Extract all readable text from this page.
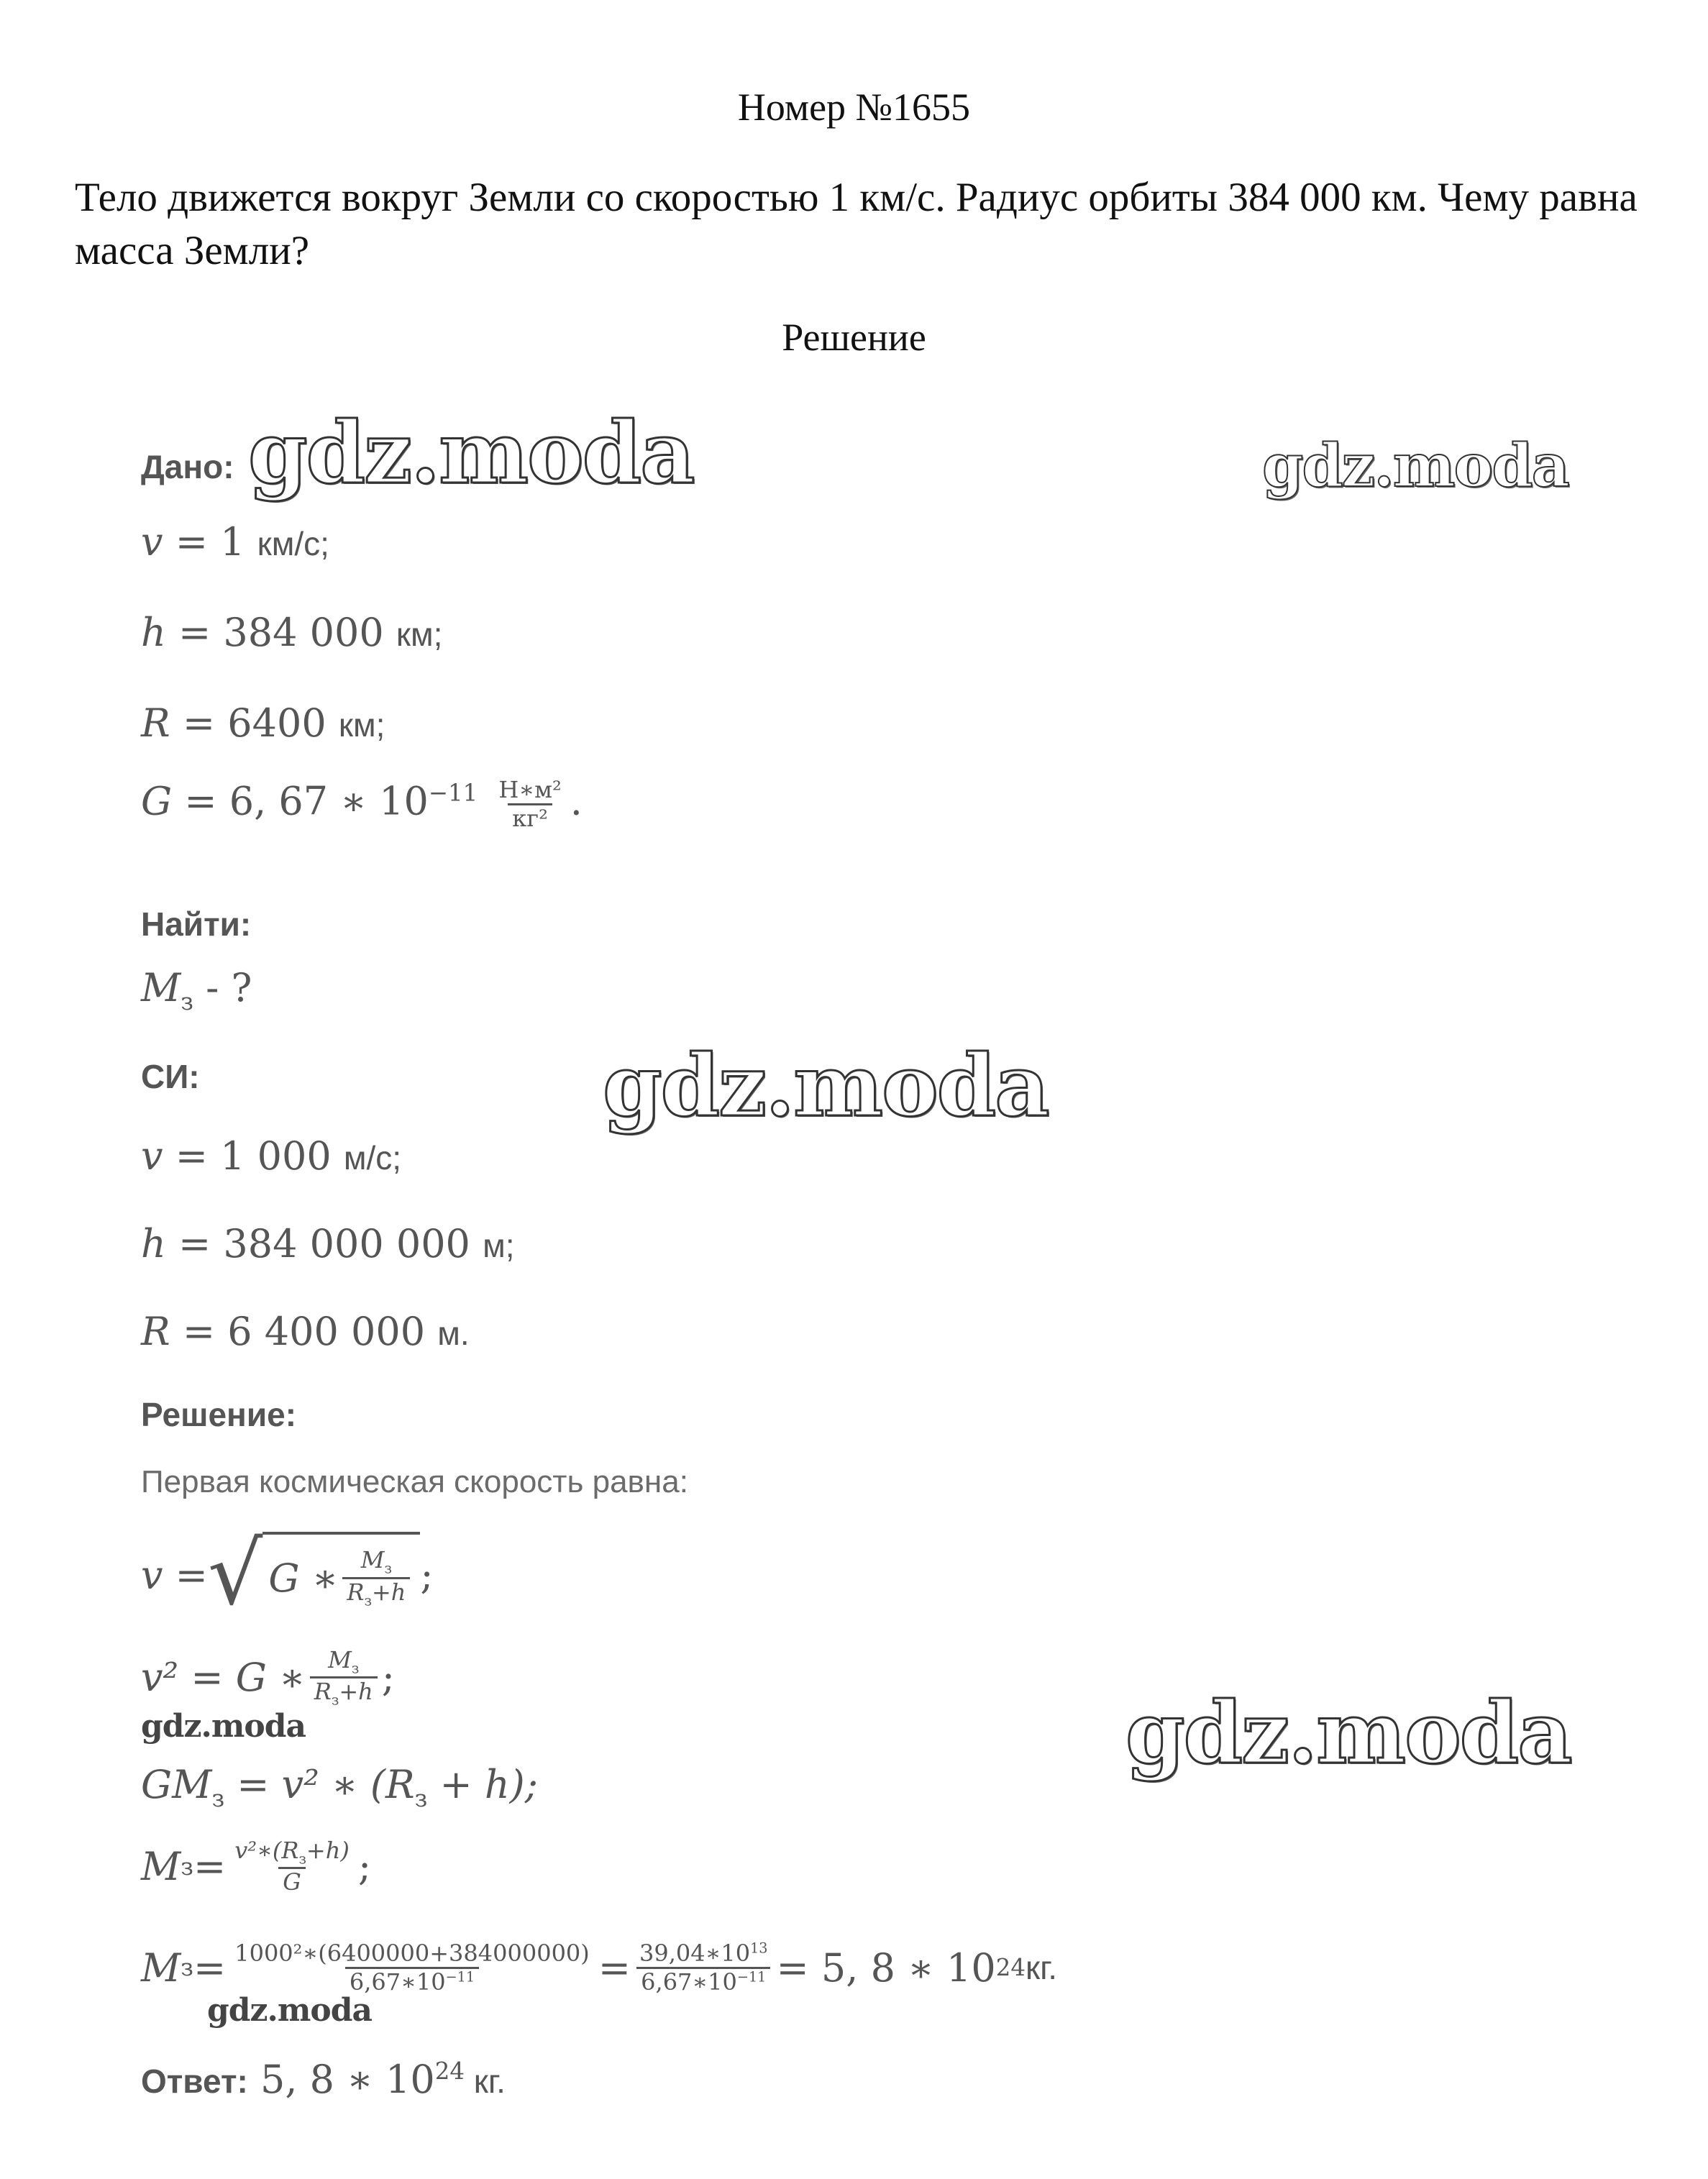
Номер №1655
Тело движется вокруг Земли со скоростью 1 км/с. Радиус орбиты 384 000 км. Чему равна масса Земли?
Решение
gdz.moda	gdz.moda
gdz.moda
gdz.moda
gdz.moda
gdz.moda
Дано:
v = 1 км/с;
h = 384 000 км;
R = 6400 км;
G = 6, 67 ∗ $10^{-11} \frac{\text{Н∗м²}}{\text{кг²}}$ .
Найти:
$M_з$ - ?
СИ:
v = 1 000 м/с;
h = 384 000 000 м;
R = 6 400 000 м.
Решение:
Первая космическая скорость равна:
v = √ G ∗ $\frac{M_з}{R_з+h}$ ;
v² = G ∗ $\frac{M_з}{R_з+h}$ ;
$GM_з = v^2$ ∗ $(R_з + h)$;
M $з = \frac{v^2∗(R_з+h)}{G}$ ;
M $з = \frac{\text{1000²∗(6400000+384000000)}}{6,67∗10^{-11}} = \frac{39,04∗10^{13}}{6,67∗10^{-11}} = 5$, 8 ∗ 10 24 кг.
Ответ: 5, 8 ∗ $10^{24}$ кг.
